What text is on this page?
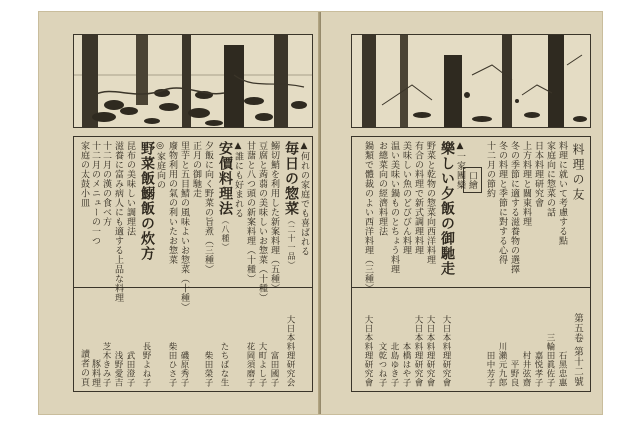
▲何れの家庭でも喜ばれる
毎日の惣菜（二十一品）
大日本料理研究会
鰯切鮹を利用した新案料理（五種）
富田國子
豆腐と蒟蒻の美味しいお惣菜（十種）
大町よし子
甘藷と八つ頭の新案料理（十種）
花岡須磨子
▲誰にも好まれる
安價料理法（八種）
たちばな生
夕飯に向く野菜の旨煮（三種）
柴田榮子
正月の御馳走
里芋と五目鯖の風味よいお惣菜（十種）
磯原秀子
廢物利用の氣の利いたお惣菜
柴田ひさ子
◎家庭向の
野菜飯鰯飯の炊方
長野よね子
昆布の美味しい調理法
武田澄子
滋養に富み病人にも適する上品な料理
浅野愛吉
十二月の漢の食べ方
芝木きみ子
十二月のメニューの一つ
家庭の太鼓小皿
豚料理
讀者の頁
料理の友
第五卷 第十二號
料理に就いて考慮する點
石黑忠惠
家庭向に惣菜の話
三輪田眞佐子
日本料理研究會
嘉悦孝子
上方料理と關東料理
村井弦齋
冬の季節に適する滋養物の選擇
平野良
冬の料理と季節に對する心得
川瀨元九郎
十二月の節約
田中芳子
口繪
▲一家團欒
樂しい夕飯の御馳走
大日本料理研究會
野菜と乾物の惣菜向西洋料理
大日本料理研究會
有合の料理で新式調理料理
大日本料理研究會
美味しい魚のどびびん料理
本橋はや子
温い美味い鍋ものとちょう料理
北島ゆき子
お總菜向の經濟料理法
文乾つね子
鍋類で體裁のよい西洋料理（三種）
大日本料理研究會
